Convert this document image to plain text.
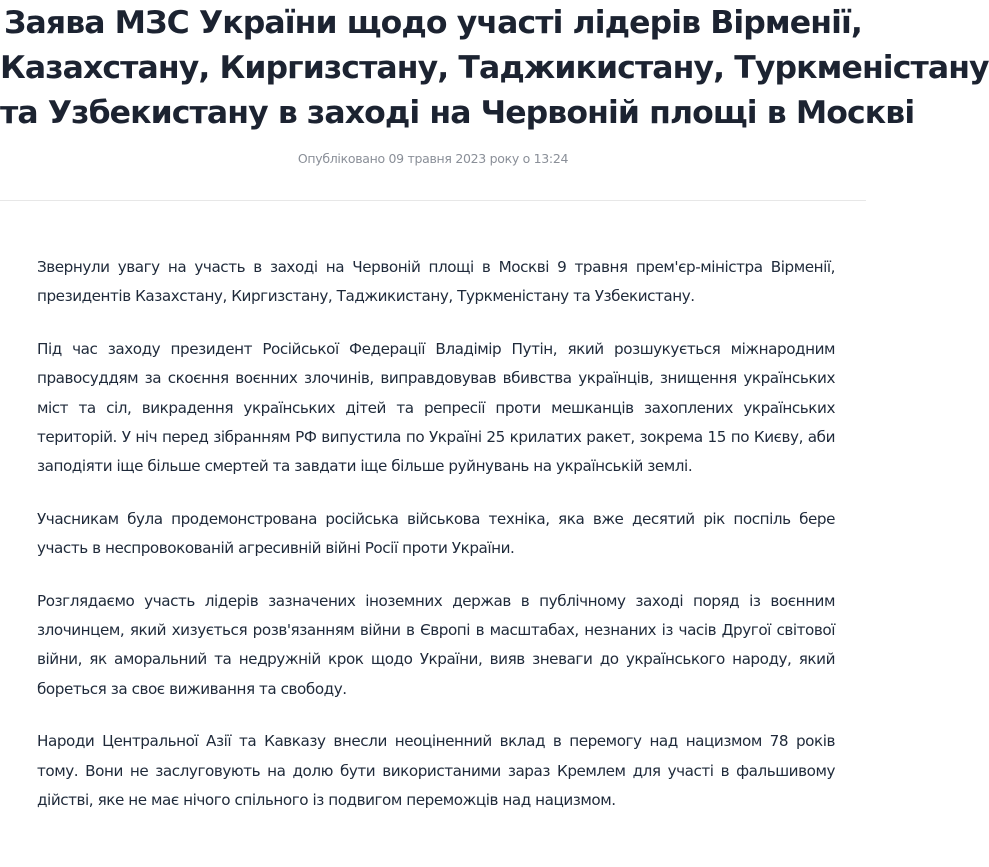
Заява МЗС України щодо участі лідерів Вірменії,
Казахстану, Киргизстану, Таджикистану, Туркменістану
та Узбекистану в заході на Червоній площі в Москві
Опубліковано 09 травня 2023 року о 13:24

Звернули увагу на участь в заході на Червоній площі в Москві 9 травня прем'єр-міністра Вірменії, президентів Казахстану, Киргизстану, Таджикистану, Туркменістану та Узбекистану.

Під час заходу президент Російської Федерації Владімір Путін, який розшукується міжнародним правосуддям за скоєння воєнних злочинів, виправдовував вбивства українців, знищення українських міст та сіл, викрадення українських дітей та репресії проти мешканців захоплених українських територій. У ніч перед зібранням РФ випустила по Україні 25 крилатих ракет, зокрема 15 по Києву, аби заподіяти іще більше смертей та завдати іще більше руйнувань на українській землі.

Учасникам була продемонстрована російська військова техніка, яка вже десятий рік поспіль бере участь в неспровокованій агресивній війні Росії проти України.

Розглядаємо участь лідерів зазначених іноземних держав в публічному заході поряд із воєнним злочинцем, який хизується розв'язанням війни в Європі в масштабах, незнаних із часів Другої світової війни, як аморальний та недружній крок щодо України, вияв зневаги до українського народу, який бореться за своє виживання та свободу.

Народи Центральної Азії та Кавказу внесли неоціненний вклад в перемогу над нацизмом 78 років тому. Вони не заслуговують на долю бути використаними зараз Кремлем для участі в фальшивому дійстві, яке не має нічого спільного із подвигом переможців над нацизмом.
